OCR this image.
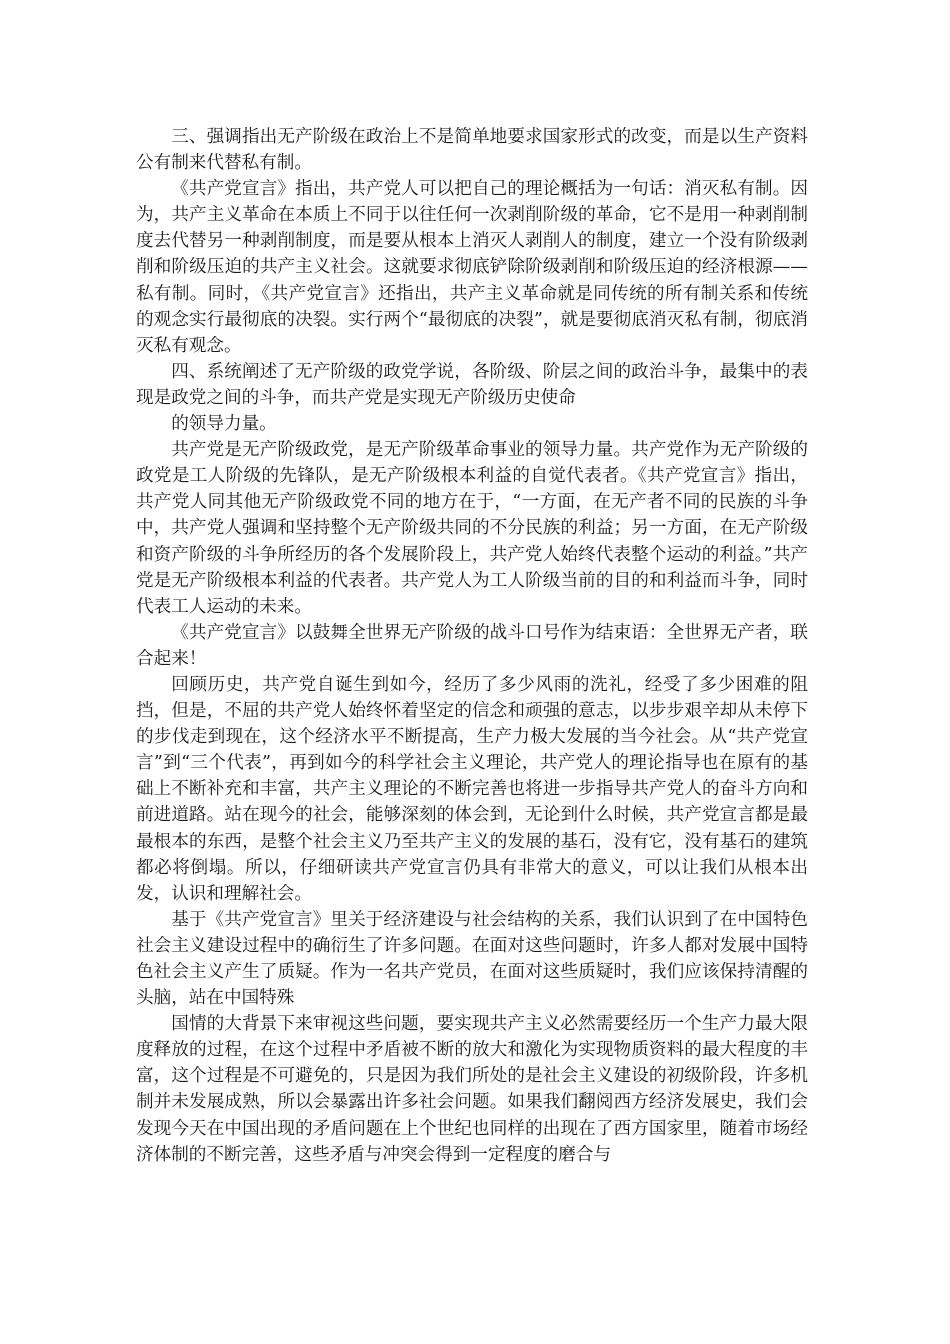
三、强调指出无产阶级在政治上不是简单地要求国家形式的改变，而是以生产资料公有制来代替私有制。

《共产党宣言》指出，共产党人可以把自己的理论概括为一句话：消灭私有制。因为，共产主义革命在本质上不同于以往任何一次剥削阶级的革命，它不是用一种剥削制度去代替另一种剥削制度，而是要从根本上消灭人剥削人的制度，建立一个没有阶级剥削和阶级压迫的共产主义社会。这就要求彻底铲除阶级剥削和阶级压迫的经济根源——私有制。同时，《共产党宣言》还指出，共产主义革命就是同传统的所有制关系和传统的观念实行最彻底的决裂。实行两个“最彻底的决裂”，就是要彻底消灭私有制，彻底消灭私有观念。

四、系统阐述了无产阶级的政党学说，各阶级、阶层之间的政治斗争，最集中的表现是政党之间的斗争，而共产党是实现无产阶级历史使命

的领导力量。

共产党是无产阶级政党，是无产阶级革命事业的领导力量。共产党作为无产阶级的政党是工人阶级的先锋队，是无产阶级根本利益的自觉代表者。《共产党宣言》指出，共产党人同其他无产阶级政党不同的地方在于，“一方面，在无产者不同的民族的斗争中，共产党人强调和坚持整个无产阶级共同的不分民族的利益；另一方面，在无产阶级和资产阶级的斗争所经历的各个发展阶段上，共产党人始终代表整个运动的利益。”共产党是无产阶级根本利益的代表者。共产党人为工人阶级当前的目的和利益而斗争，同时代表工人运动的未来。

《共产党宣言》以鼓舞全世界无产阶级的战斗口号作为结束语：全世界无产者，联合起来！

回顾历史，共产党自诞生到如今，经历了多少风雨的洗礼，经受了多少困难的阻挡，但是，不屈的共产党人始终怀着坚定的信念和顽强的意志，以步步艰辛却从未停下的步伐走到现在，这个经济水平不断提高，生产力极大发展的当今社会。从“共产党宣言”到“三个代表”，再到如今的科学社会主义理论，共产党人的理论指导也在原有的基础上不断补充和丰富，共产主义理论的不断完善也将进一步指导共产党人的奋斗方向和前进道路。站在现今的社会，能够深刻的体会到，无论到什么时候，共产党宣言都是最最根本的东西，是整个社会主义乃至共产主义的发展的基石，没有它，没有基石的建筑都必将倒塌。所以，仔细研读共产党宣言仍具有非常大的意义，可以让我们从根本出发，认识和理解社会。

基于《共产党宣言》里关于经济建设与社会结构的关系，我们认识到了在中国特色社会主义建设过程中的确衍生了许多问题。在面对这些问题时，许多人都对发展中国特色社会主义产生了质疑。作为一名共产党员，在面对这些质疑时，我们应该保持清醒的头脑，站在中国特殊

国情的大背景下来审视这些问题，要实现共产主义必然需要经历一个生产力最大限度释放的过程，在这个过程中矛盾被不断的放大和激化为实现物质资料的最大程度的丰富，这个过程是不可避免的，只是因为我们所处的是社会主义建设的初级阶段，许多机制并未发展成熟，所以会暴露出许多社会问题。如果我们翻阅西方经济发展史，我们会发现今天在中国出现的矛盾问题在上个世纪也同样的出现在了西方国家里，随着市场经济体制的不断完善，这些矛盾与冲突会得到一定程度的磨合与
